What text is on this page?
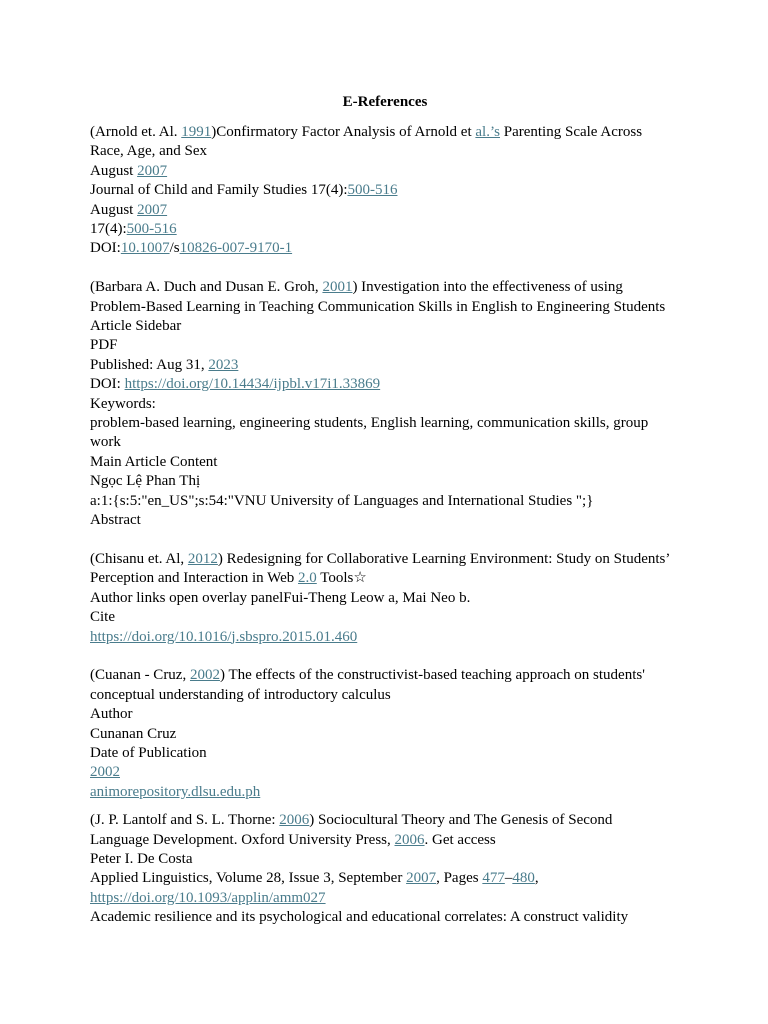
E-References
(Arnold et. Al. 1991)Confirmatory Factor Analysis of Arnold et al.’s Parenting Scale Across
Race, Age, and Sex
August 2007
Journal of Child and Family Studies 17(4):500-516
August 2007
17(4):500-516
DOI:10.1007/s10826-007-9170-1
(Barbara A. Duch and Dusan E. Groh, 2001) Investigation into the effectiveness of using
Problem-Based Learning in Teaching Communication Skills in English to Engineering Students
Article Sidebar
PDF
Published: Aug 31, 2023
DOI: https://doi.org/10.14434/ijpbl.v17i1.33869
Keywords:
problem-based learning, engineering students, English learning, communication skills, group
work
Main Article Content
Ngọc Lệ Phan Thị
a:1:{s:5:"en_US";s:54:"VNU University of Languages and International Studies ";}
Abstract
(Chisanu et. Al, 2012) Redesigning for Collaborative Learning Environment: Study on Students’
Perception and Interaction in Web 2.0 Tools☆
Author links open overlay panelFui-Theng Leow a, Mai Neo b.
Cite
https://doi.org/10.1016/j.sbspro.2015.01.460
(Cuanan - Cruz, 2002) The effects of the constructivist-based teaching approach on students'
conceptual understanding of introductory calculus
Author
Cunanan Cruz
Date of Publication
2002
animorepository.dlsu.edu.ph
(J. P. Lantolf and S. L. Thorne: 2006) Sociocultural Theory and The Genesis of Second
Language Development. Oxford University Press, 2006. Get access
Peter I. De Costa
Applied Linguistics, Volume 28, Issue 3, September 2007, Pages 477–480,
https://doi.org/10.1093/applin/amm027
Academic resilience and its psychological and educational correlates: A construct validity
